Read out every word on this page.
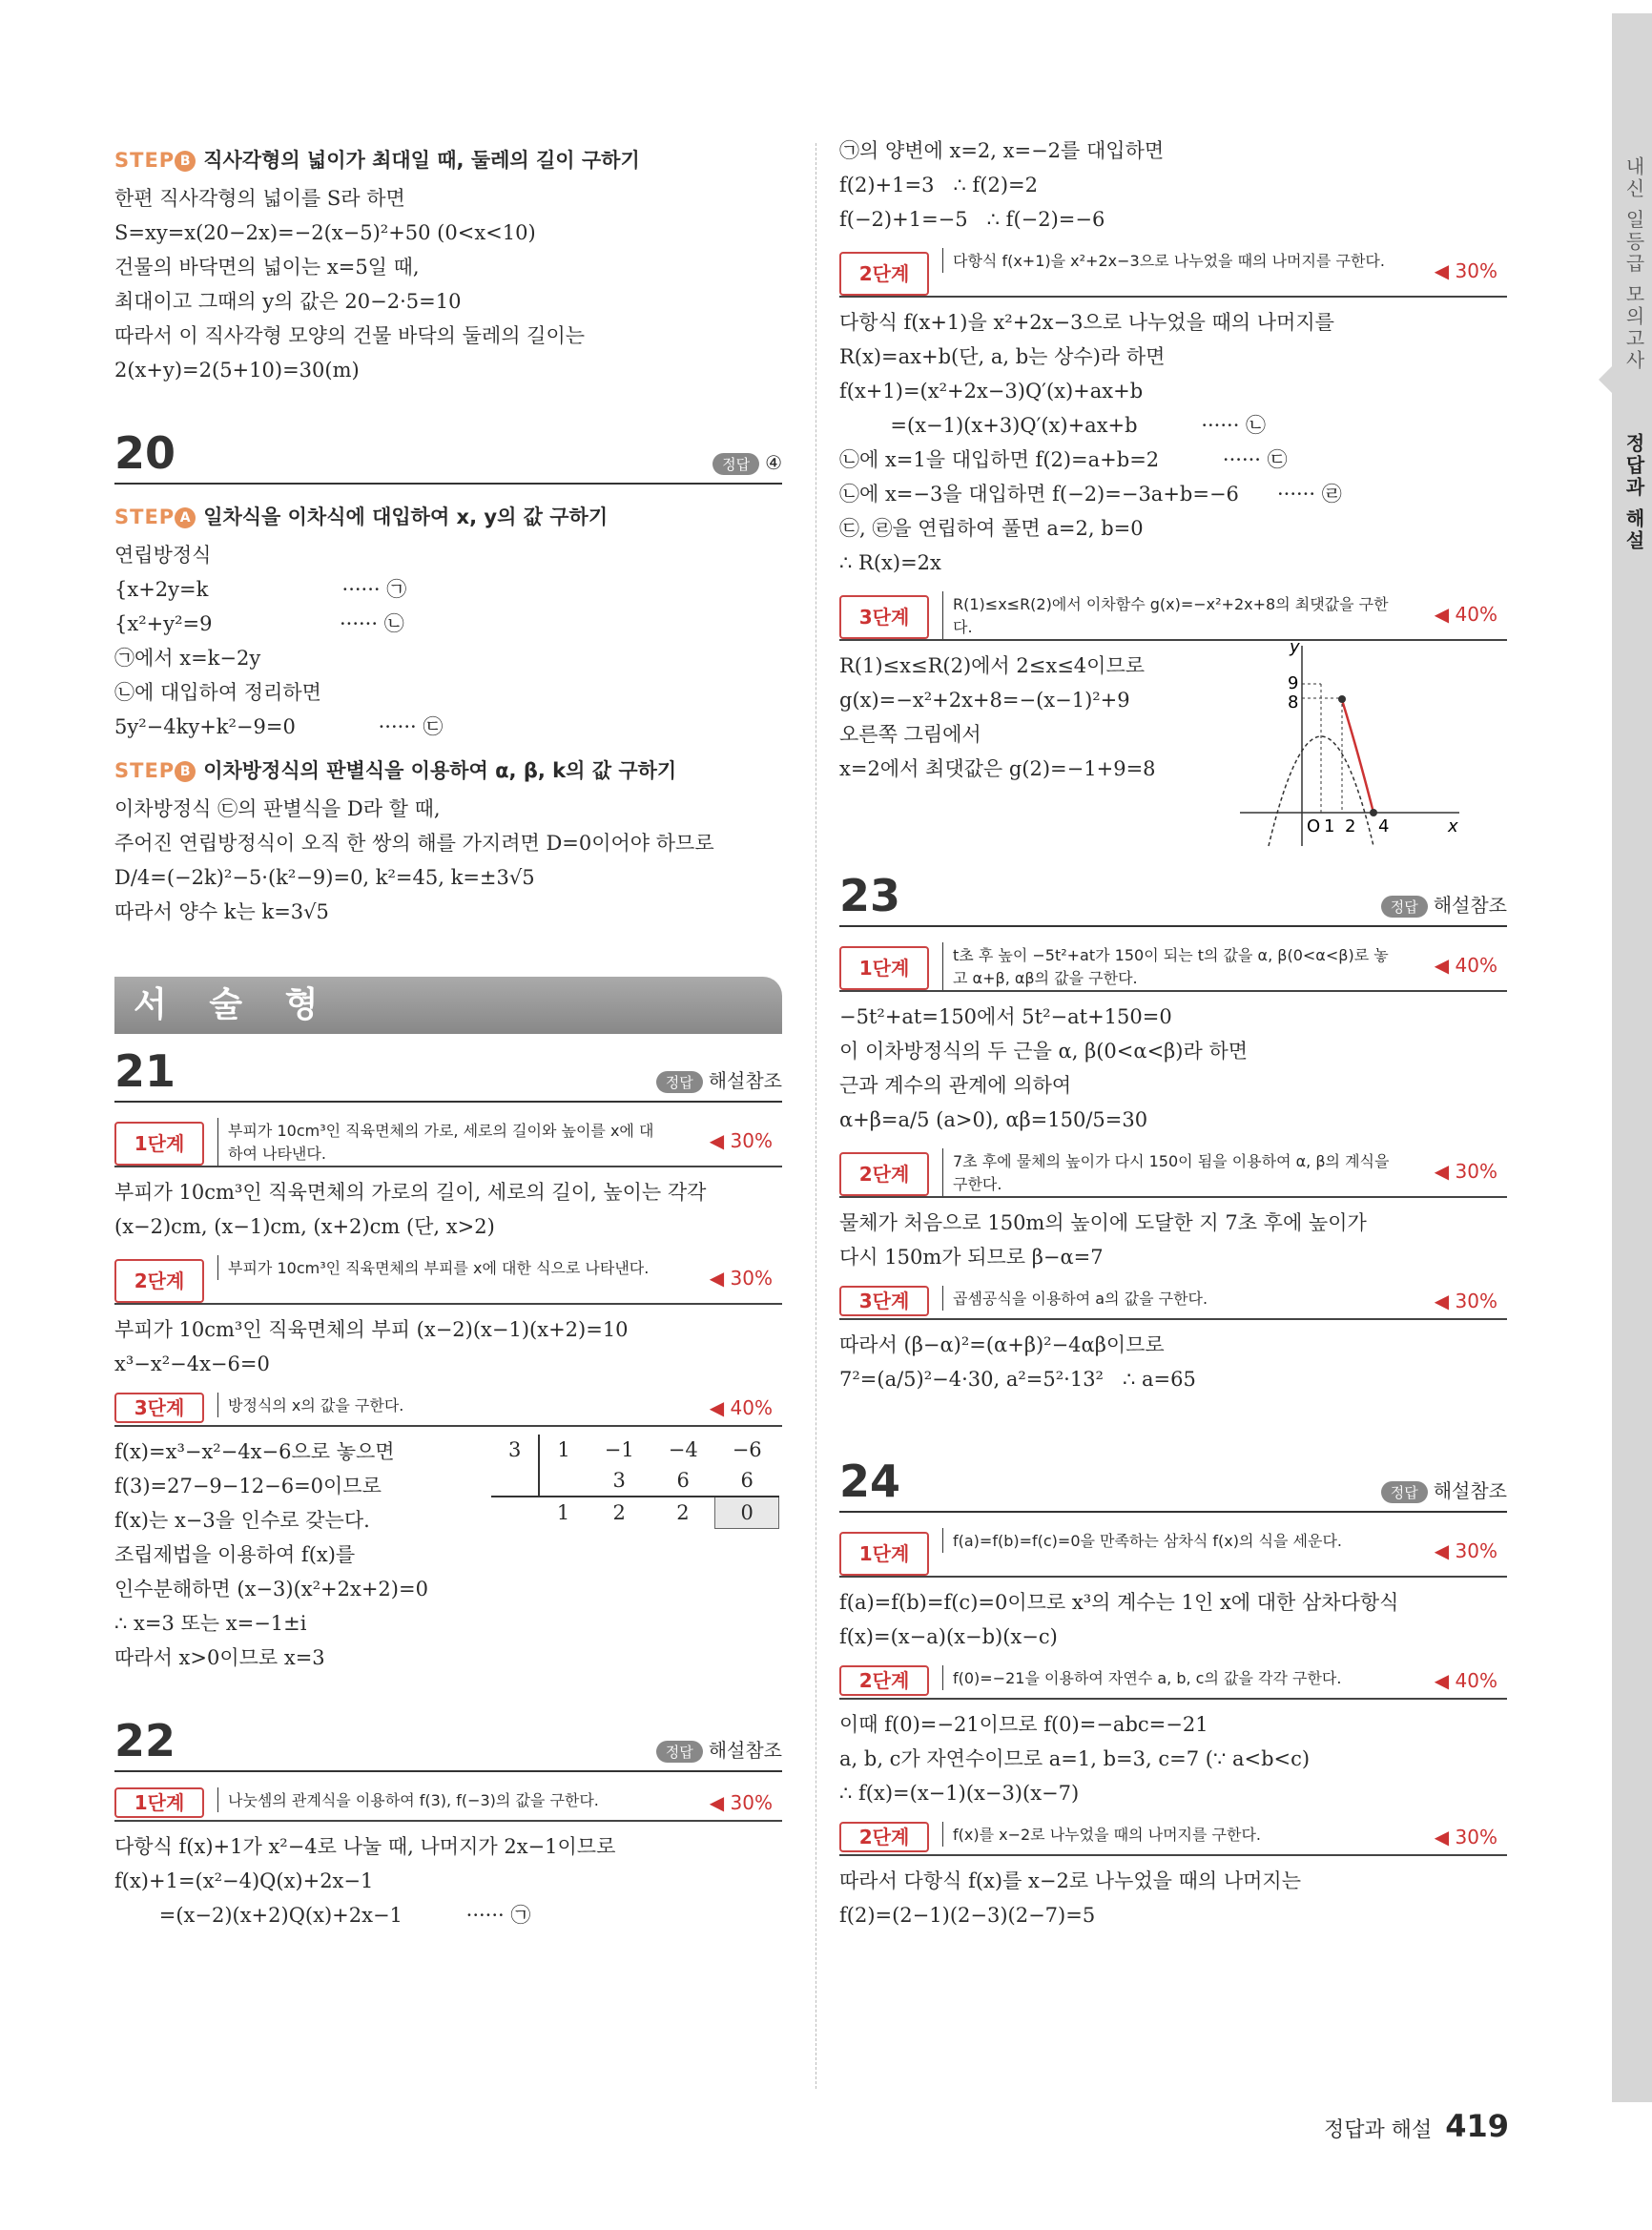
내신 일등급 모의고사
정답과 해설
STEP B 직사각형의 넓이가 최대일 때, 둘레의 길이 구하기
한편 직사각형의 넓이를 S라 하면
S=xy=x(20−2x)=−2(x−5)²+50 (0<x<10)
건물의 바닥면의 넓이는 x=5일 때,
최대이고 그때의 y의 값은 20−2·5=10
따라서 이 직사각형 모양의 건물 바닥의 둘레의 길이는
2(x+y)=2(5+10)=30(m)
20	정답 ④
STEP A 일차식을 이차식에 대입하여 x, y의 값 구하기
연립방정식
{x+2y=k                     ······ ㉠
{x²+y²=9                    ······ ㉡
㉠에서 x=k−2y
㉡에 대입하여 정리하면
5y²−4ky+k²−9=0             ······ ㉢
STEP B 이차방정식의 판별식을 이용하여 α, β, k의 값 구하기
이차방정식 ㉢의 판별식을 D라 할 때,
주어진 연립방정식이 오직 한 쌍의 해를 가지려면 D=0이어야 하므로
D/4=(−2k)²−5·(k²−9)=0, k²=45, k=±3√5
따라서 양수 k는 k=3√5
서 술 형
21	정답 해설참조
1단계
부피가 10cm³인 직육면체의 가로, 세로의 길이와 높이를 x에 대하여 나타낸다.
◀ 30%
부피가 10cm³인 직육면체의 가로의 길이, 세로의 길이, 높이는 각각
(x−2)cm, (x−1)cm, (x+2)cm (단, x>2)
2단계
부피가 10cm³인 직육면체의 부피를 x에 대한 식으로 나타낸다.	◀ 30%
부피가 10cm³인 직육면체의 부피 (x−2)(x−1)(x+2)=10
x³−x²−4x−6=0
3단계	방정식의 x의 값을 구한다.	◀ 40%
f(x)=x³−x²−4x−6으로 놓으면
f(3)=27−9−12−6=0이므로
f(x)는 x−3을 인수로 갖는다.
조립제법을 이용하여 f(x)를
인수분해하면 (x−3)(x²+2x+2)=0
∴ x=3 또는 x=−1±i
따라서 x>0이므로 x=3
3	1	−1	−4	−6
		3	6	6
	1	2	2	0
22	정답 해설참조
1단계	나눗셈의 관계식을 이용하여 f(3), f(−3)의 값을 구한다.	◀ 30%
다항식 f(x)+1가 x²−4로 나눌 때, 나머지가 2x−1이므로
f(x)+1=(x²−4)Q(x)+2x−1
=(x−2)(x+2)Q(x)+2x−1          ······ ㉠
㉠의 양변에 x=2, x=−2를 대입하면
f(2)+1=3   ∴ f(2)=2
f(−2)+1=−5   ∴ f(−2)=−6
2단계
다항식 f(x+1)을 x²+2x−3으로 나누었을 때의 나머지를 구한다.	◀ 30%
다항식 f(x+1)을 x²+2x−3으로 나누었을 때의 나머지를
R(x)=ax+b(단, a, b는 상수)라 하면
f(x+1)=(x²+2x−3)Q′(x)+ax+b
=(x−1)(x+3)Q′(x)+ax+b          ······ ㉡
㉡에 x=1을 대입하면 f(2)=a+b=2          ······ ㉢
㉡에 x=−3을 대입하면 f(−2)=−3a+b=−6      ······ ㉣
㉢, ㉣을 연립하여 풀면 a=2, b=0
∴ R(x)=2x
3단계
R(1)≤x≤R(2)에서 이차함수 g(x)=−x²+2x+8의 최댓값을 구한다.
◀ 40%
R(1)≤x≤R(2)에서 2≤x≤4이므로
g(x)=−x²+2x+8=−(x−1)²+9
오른쪽 그림에서
x=2에서 최댓값은 g(2)=−1+9=8
y
x
O
9
8
1 2 4
23	정답 해설참조
1단계
t초 후 높이 −5t²+at가 150이 되는 t의 값을 α, β(0<α<β)로 놓고 α+β, αβ의 값을 구한다.
◀ 40%
−5t²+at=150에서 5t²−at+150=0
이 이차방정식의 두 근을 α, β(0<α<β)라 하면
근과 계수의 관계에 의하여
α+β=a/5 (a>0), αβ=150/5=30
2단계
7초 후에 물체의 높이가 다시 150이 됨을 이용하여 α, β의 계식을 구한다.
◀ 30%
물체가 처음으로 150m의 높이에 도달한 지 7초 후에 높이가
다시 150m가 되므로 β−α=7
3단계	곱셈공식을 이용하여 a의 값을 구한다.	◀ 30%
따라서 (β−α)²=(α+β)²−4αβ이므로
7²=(a/5)²−4·30, a²=5²·13²   ∴ a=65
24	정답 해설참조
1단계
f(a)=f(b)=f(c)=0을 만족하는 삼차식 f(x)의 식을 세운다.	◀ 30%
f(a)=f(b)=f(c)=0이므로 x³의 계수는 1인 x에 대한 삼차다항식
f(x)=(x−a)(x−b)(x−c)
2단계	f(0)=−21을 이용하여 자연수 a, b, c의 값을 각각 구한다.	◀ 40%
이때 f(0)=−21이므로 f(0)=−abc=−21
a, b, c가 자연수이므로 a=1, b=3, c=7 (∵ a<b<c)
∴ f(x)=(x−1)(x−3)(x−7)
2단계	f(x)를 x−2로 나누었을 때의 나머지를 구한다.	◀ 30%
따라서 다항식 f(x)를 x−2로 나누었을 때의 나머지는
f(2)=(2−1)(2−3)(2−7)=5
정답과 해설 419
